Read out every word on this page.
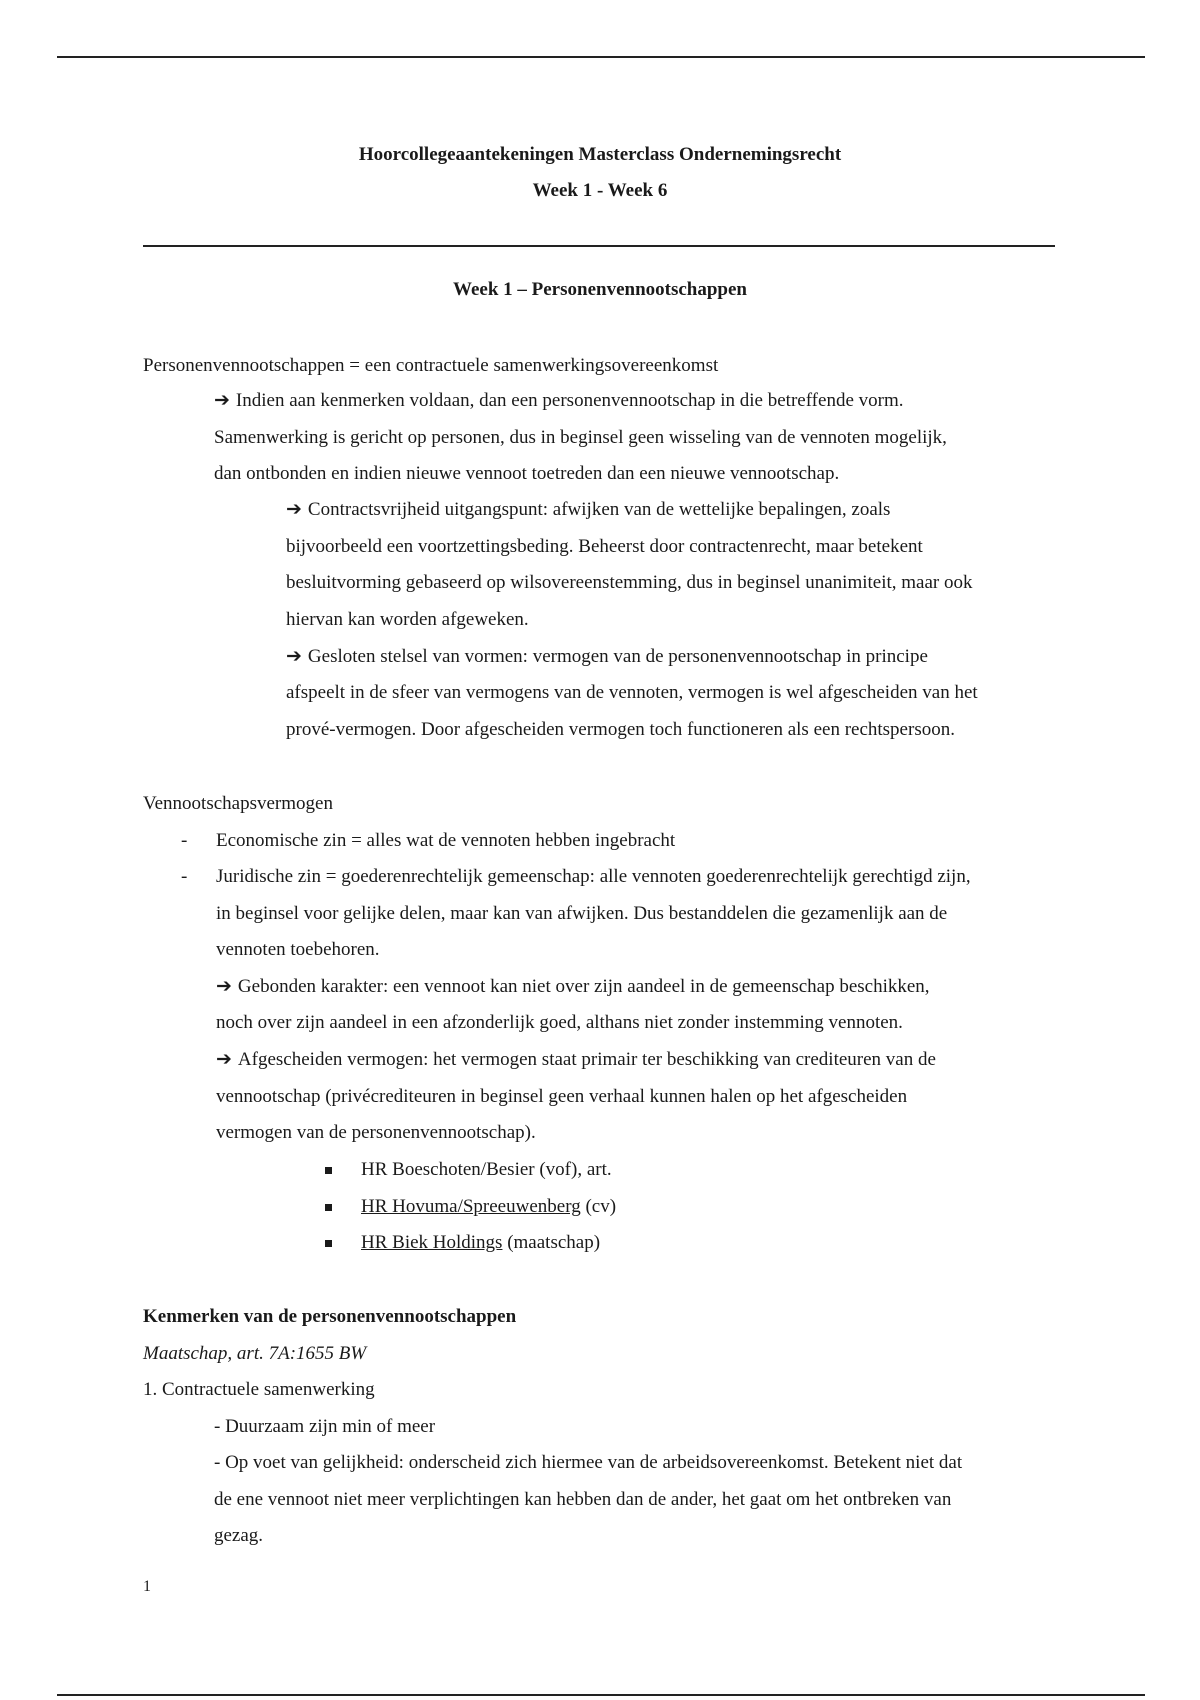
Hoorcollegeaantekeningen Masterclass Ondernemingsrecht
Week 1 - Week 6
Week 1 – Personenvennootschappen
Personenvennootschappen = een contractuele samenwerkingsovereenkomst
➔ Indien aan kenmerken voldaan, dan een personenvennootschap in die betreffende vorm.
Samenwerking is gericht op personen, dus in beginsel geen wisseling van de vennoten mogelijk,
dan ontbonden en indien nieuwe vennoot toetreden dan een nieuwe vennootschap.
➔ Contractsvrijheid uitgangspunt: afwijken van de wettelijke bepalingen, zoals
bijvoorbeeld een voortzettingsbeding. Beheerst door contractenrecht, maar betekent
besluitvorming gebaseerd op wilsovereenstemming, dus in beginsel unanimiteit, maar ook
hiervan kan worden afgeweken.
➔ Gesloten stelsel van vormen: vermogen van de personenvennootschap in principe
afspeelt in de sfeer van vermogens van de vennoten, vermogen is wel afgescheiden van het
prové-vermogen. Door afgescheiden vermogen toch functioneren als een rechtspersoon.
Vennootschapsvermogen
- Economische zin = alles wat de vennoten hebben ingebracht
- Juridische zin = goederenrechtelijk gemeenschap: alle vennoten goederenrechtelijk gerechtigd zijn,
in beginsel voor gelijke delen, maar kan van afwijken. Dus bestanddelen die gezamenlijk aan de
vennoten toebehoren.
➔ Gebonden karakter: een vennoot kan niet over zijn aandeel in de gemeenschap beschikken,
noch over zijn aandeel in een afzonderlijk goed, althans niet zonder instemming vennoten.
➔ Afgescheiden vermogen: het vermogen staat primair ter beschikking van crediteuren van de
vennootschap (privécrediteuren in beginsel geen verhaal kunnen halen op het afgescheiden
vermogen van de personenvennootschap).
HR Boeschoten/Besier (vof), art.
HR Hovuma/Spreeuwenberg (cv)
HR Biek Holdings (maatschap)
Kenmerken van de personenvennootschappen
Maatschap, art. 7A:1655 BW
1. Contractuele samenwerking
- Duurzaam zijn min of meer
- Op voet van gelijkheid: onderscheid zich hiermee van de arbeidsovereenkomst. Betekent niet dat
de ene vennoot niet meer verplichtingen kan hebben dan de ander, het gaat om het ontbreken van
gezag.
1
